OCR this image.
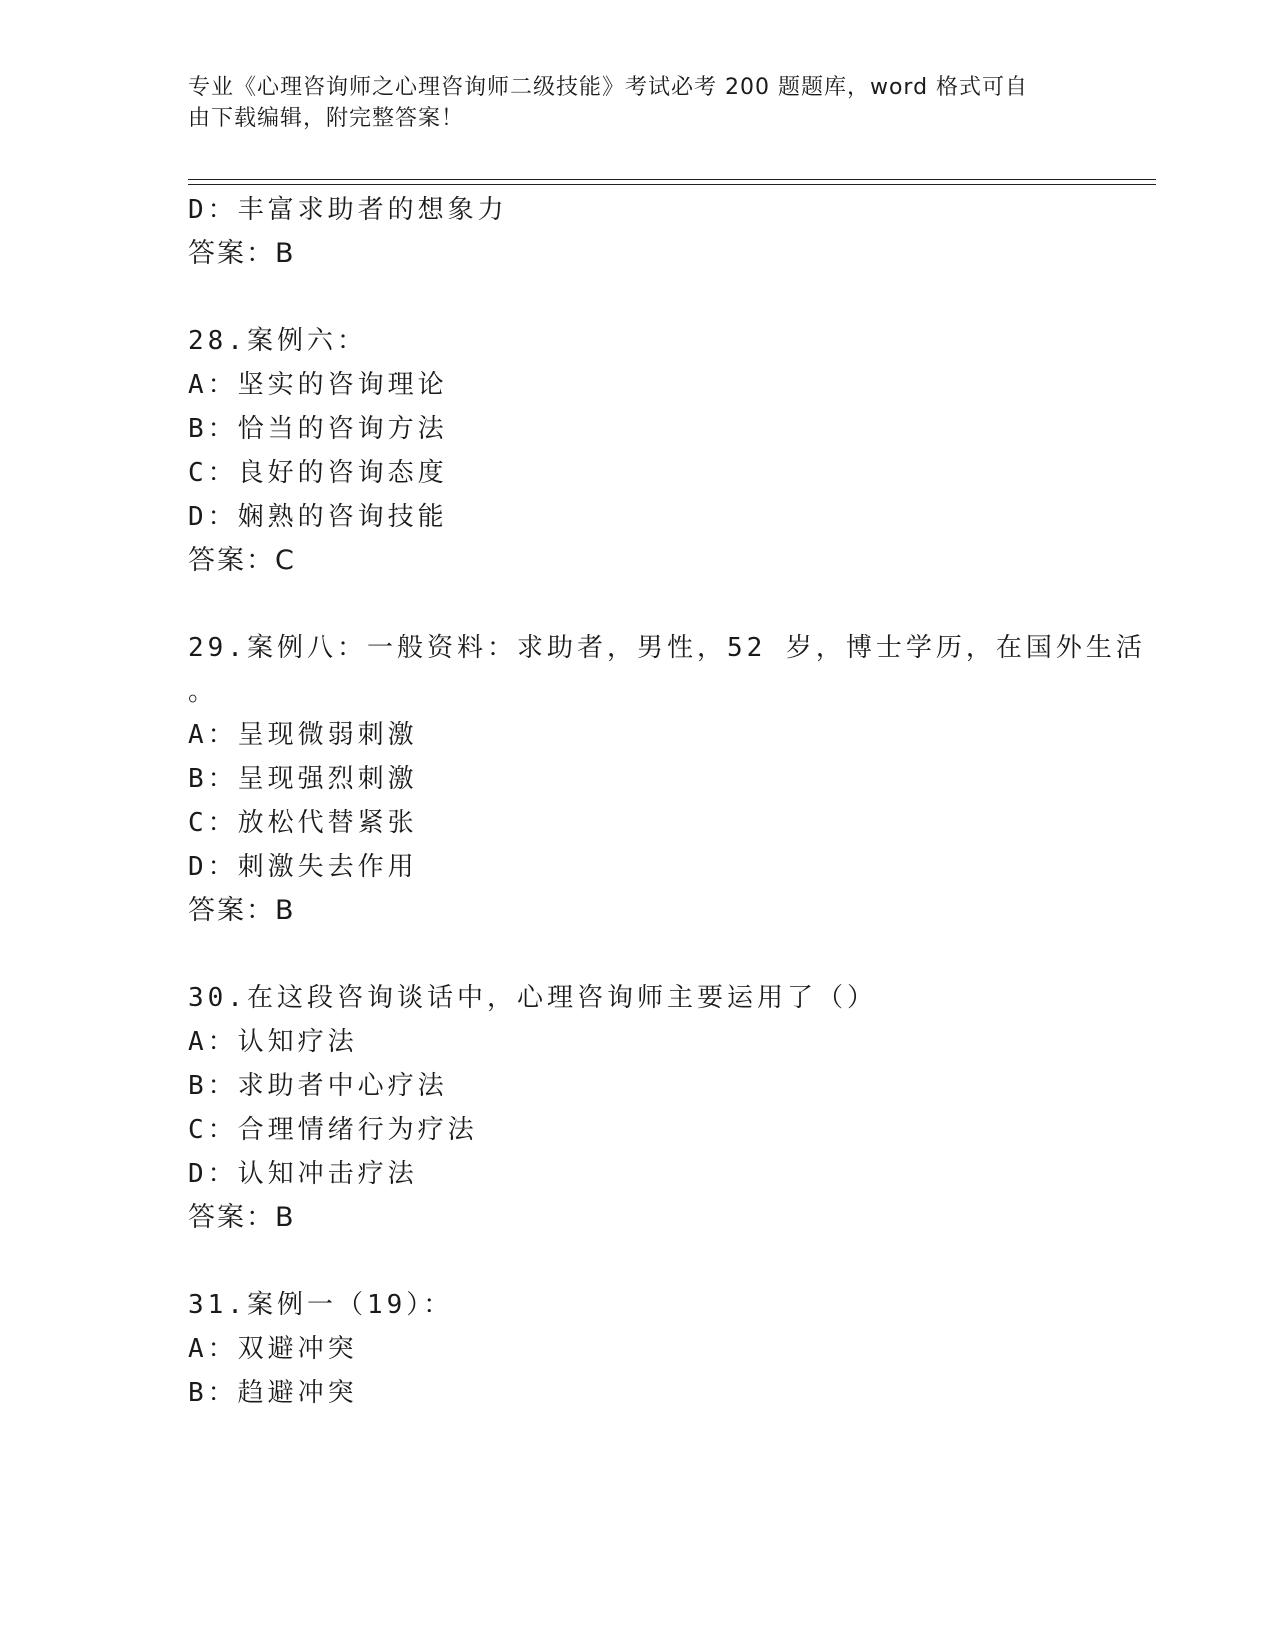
专业《心理咨询师之心理咨询师二级技能》考试必考 200 题题库，word 格式可自
由下载编辑，附完整答案！
D：丰富求助者的想象力
答案：B
28.案例六：
A：坚实的咨询理论
B：恰当的咨询方法
C：良好的咨询态度
D：娴熟的咨询技能
答案：C
29.案例八：一般资料：求助者，男性，52 岁，博士学历，在国外生活
。
A：呈现微弱刺激
B：呈现强烈刺激
C：放松代替紧张
D：刺激失去作用
答案：B
30.在这段咨询谈话中，心理咨询师主要运用了（）
A：认知疗法
B：求助者中心疗法
C：合理情绪行为疗法
D：认知冲击疗法
答案：B
31.案例一（19）：
A：双避冲突
B：趋避冲突
